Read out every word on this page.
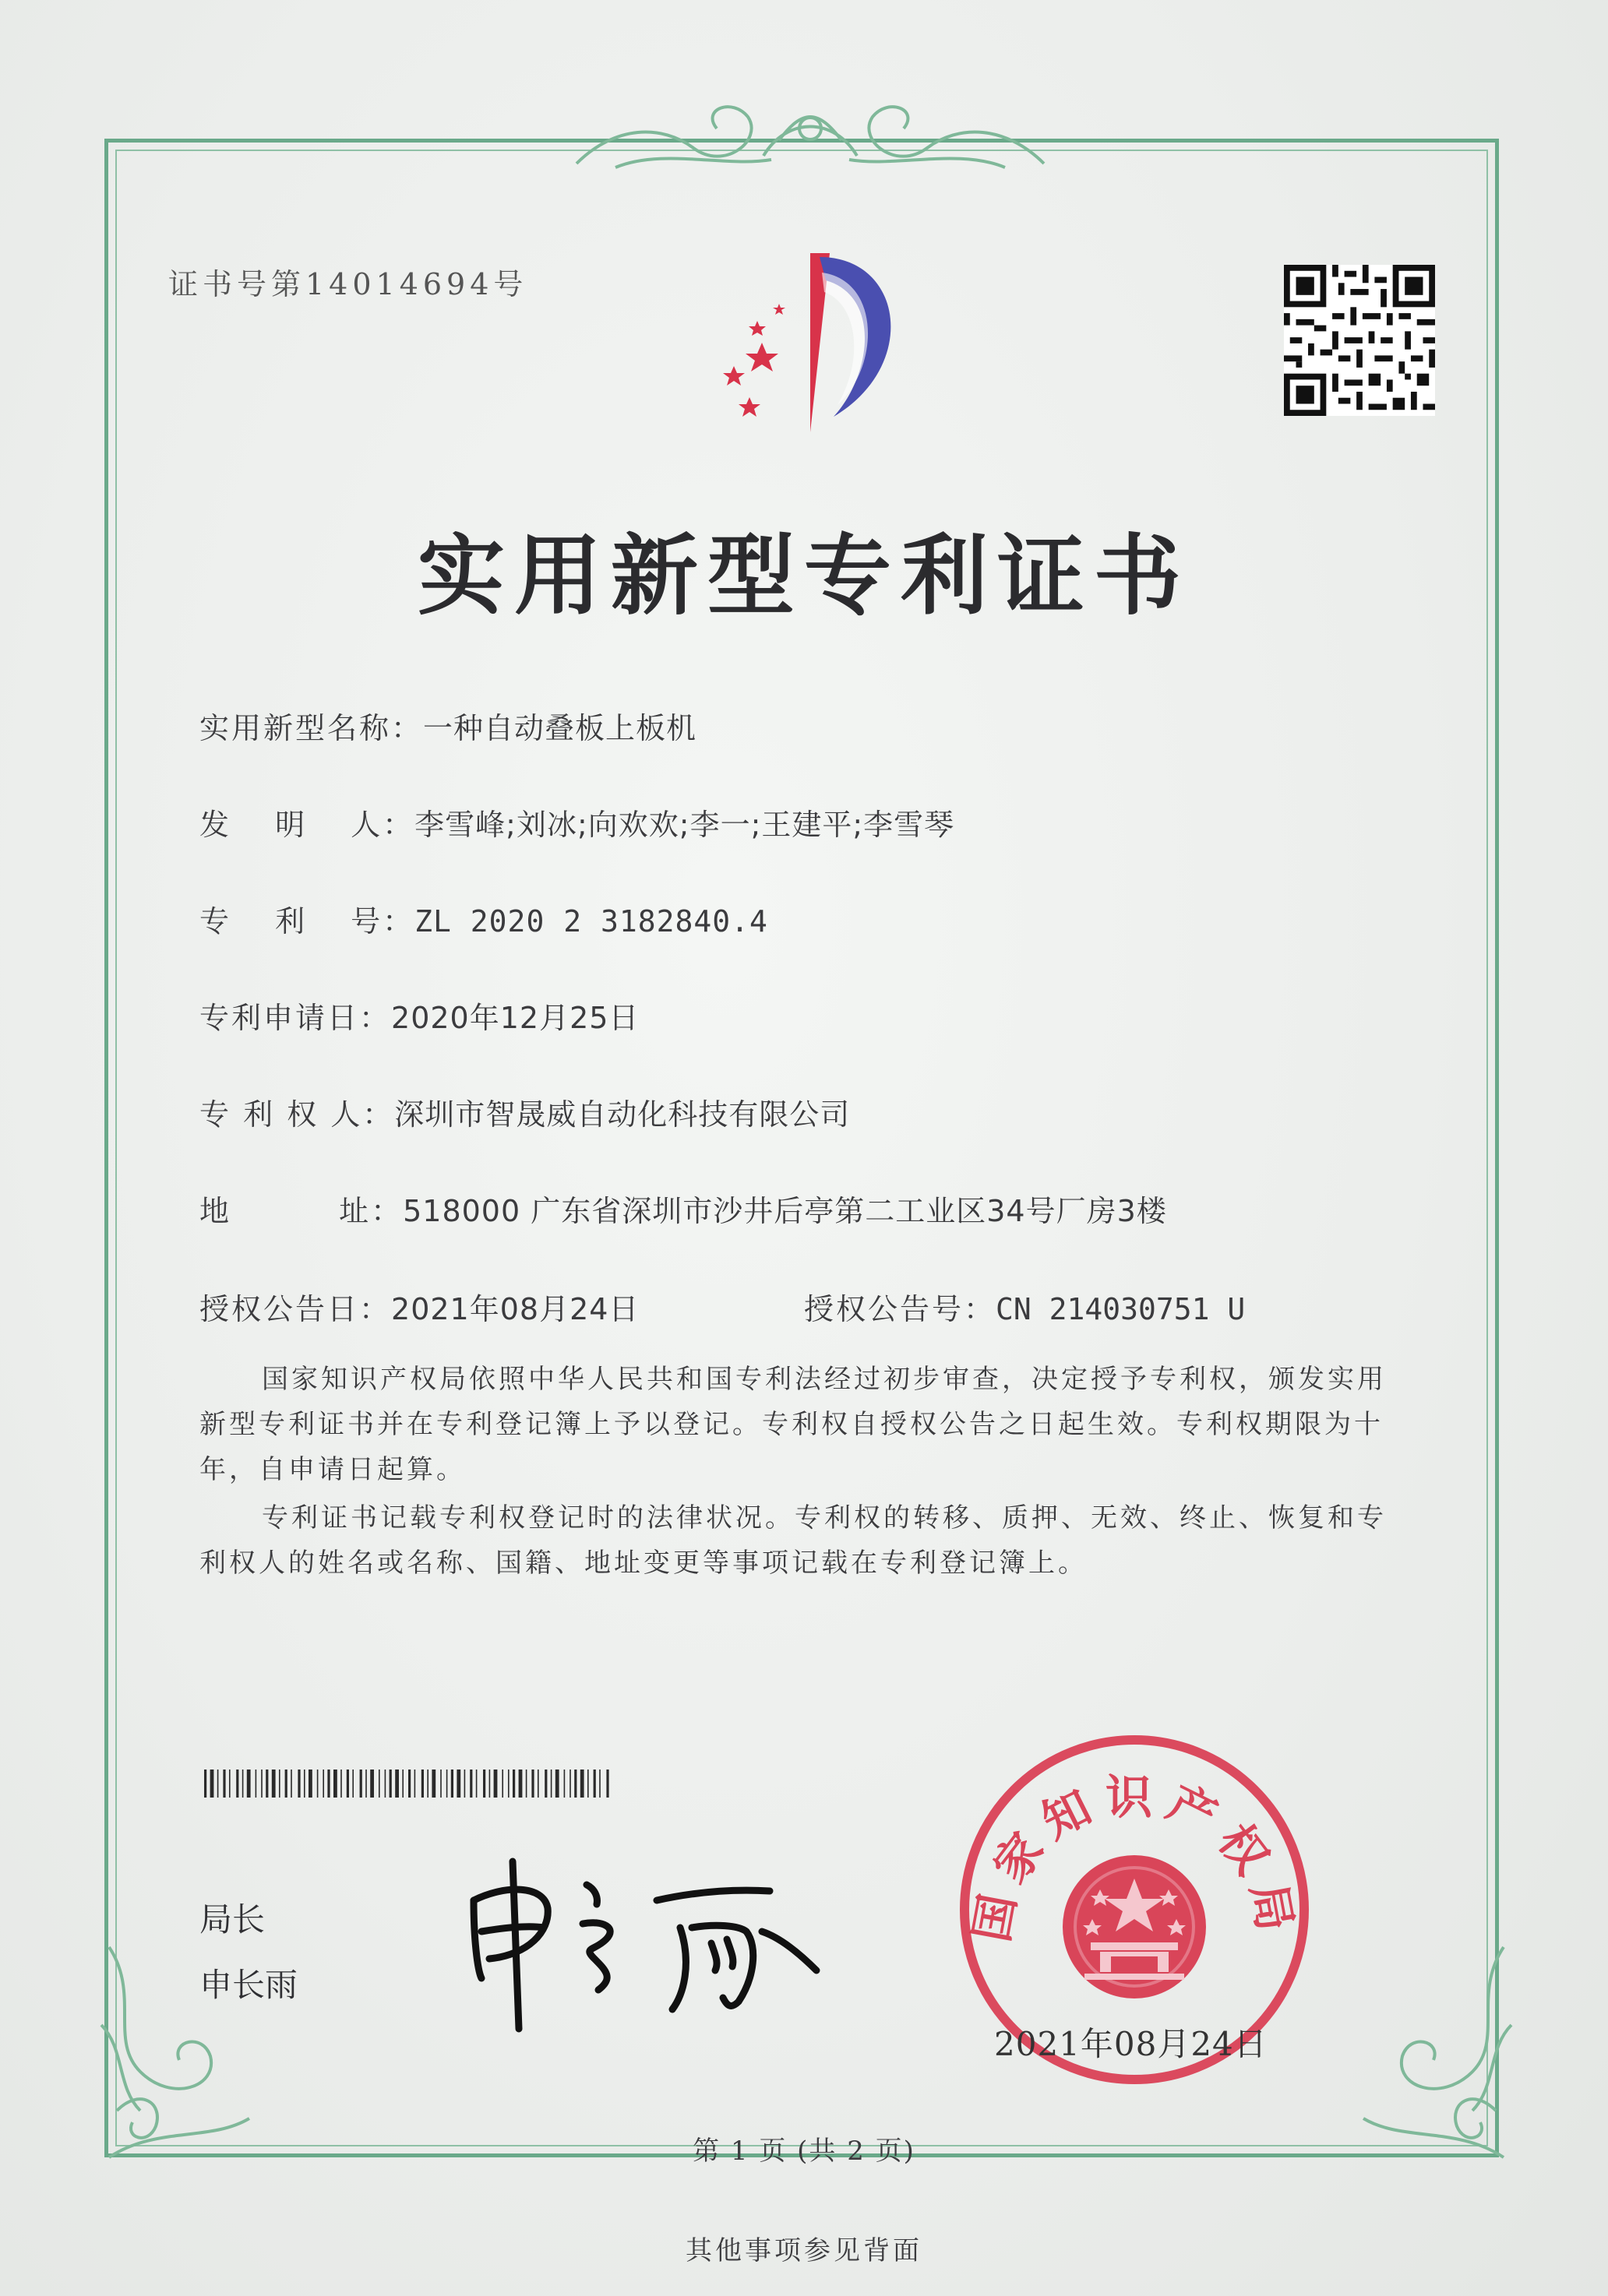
证书号第14014694号
实用新型专利证书
实用新型名称：一种自动叠板上板机
发　 明 　人：李雪峰;刘冰;向欢欢;李一;王建平;李雪琴
专　 利 　号：ZL 2020 2 3182840.4
专利申请日：2020年12月25日
专 利 权 人：深圳市智晟威自动化科技有限公司
地　　　 址：518000 广东省深圳市沙井后亭第二工业区34号厂房3楼
授权公告日：2021年08月24日	授权公告号：CN 214030751 U

国家知识产权局依照中华人民共和国专利法经过初步审查，决定授予专利权，颁发实用新型专利证书并在专利登记簿上予以登记。专利权自授权公告之日起生效。专利权期限为十年，自申请日起算。

专利证书记载专利权登记时的法律状况。专利权的转移、质押、无效、终止、恢复和专利权人的姓名或名称、国籍、地址变更等事项记载在专利登记簿上。

局长
申长雨
国家知识产权局
2021年08月24日
第 1 页 (共 2 页)
其他事项参见背面
